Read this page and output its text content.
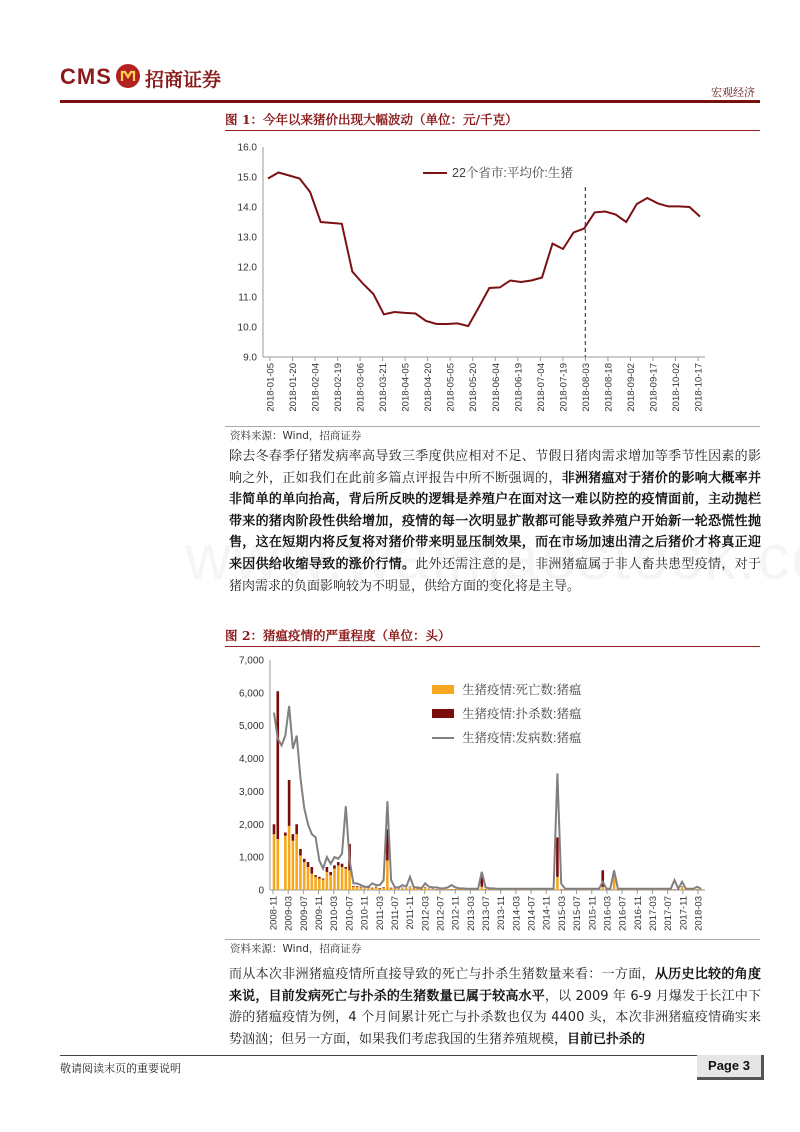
CMS 招商证券
宏观经济
图 1：今年以来猪价出现大幅波动（单位：元/千克）
16.0
15.0
14.0
13.0
12.0
11.0
10.0
9.0
2018-01-05 2018-01-20 2018-02-04 2018-02-19 2018-03-06 2018-03-21 2018-04-05 2018-04-20 2018-05-05 2018-05-20 2018-06-04 2018-06-19 2018-07-04 2018-07-19 2018-08-03 2018-08-18 2018-09-02 2018-09-17 2018-10-02 2018-10-17
22个省市:平均价:生猪
资料来源：Wind，招商证券
除去冬春季仔猪发病率高导致三季度供应相对不足、节假日猪肉需求增加等季节性因素的影响之外，正如我们在此前多篇点评报告中所不断强调的，非洲猪瘟对于猪价的影响大概率并非简单的单向抬高，背后所反映的逻辑是养殖户在面对这一难以防控的疫情面前，主动抛栏带来的猪肉阶段性供给增加，疫情的每一次明显扩散都可能导致养殖户开始新一轮恐慌性抛售，这在短期内将反复将对猪价带来明显压制效果，而在市场加速出清之后猪价才将真正迎来因供给收缩导致的涨价行情。此外还需注意的是，非洲猪瘟属于非人畜共患型疫情，对于猪肉需求的负面影响较为不明显，供给方面的变化将是主导。
图 2：猪瘟疫情的严重程度（单位：头）
7,000
6,000
5,000
4,000
3,000
2,000
1,000
0
2008-11 2009-03 2009-07 2009-11 2010-03 2010-07 2010-11 2011-03 2011-07 2011-11 2012-03 2012-07 2012-11 2013-03 2013-07 2013-11 2014-03 2014-07 2014-11 2015-03 2015-07 2015-11 2016-03 2016-07 2016-11 2017-03 2017-07 2017-11 2018-03
生猪疫情:死亡数:猪瘟
生猪疫情:扑杀数:猪瘟
生猪疫情:发病数:猪瘟
资料来源：Wind，招商证券
而从本次非洲猪瘟疫情所直接导致的死亡与扑杀生猪数量来看：一方面，从历史比较的角度来说，目前发病死亡与扑杀的生猪数量已属于较高水平，以 2009 年 6-9 月爆发于长江中下游的猪瘟疫情为例，4 个月间累计死亡与扑杀数也仅为 4400 头，本次非洲猪瘟疫情确实来势汹汹；但另一方面，如果我们考虑我国的生猪养殖规模，目前已扑杀的
敬请阅读末页的重要说明	Page 3
